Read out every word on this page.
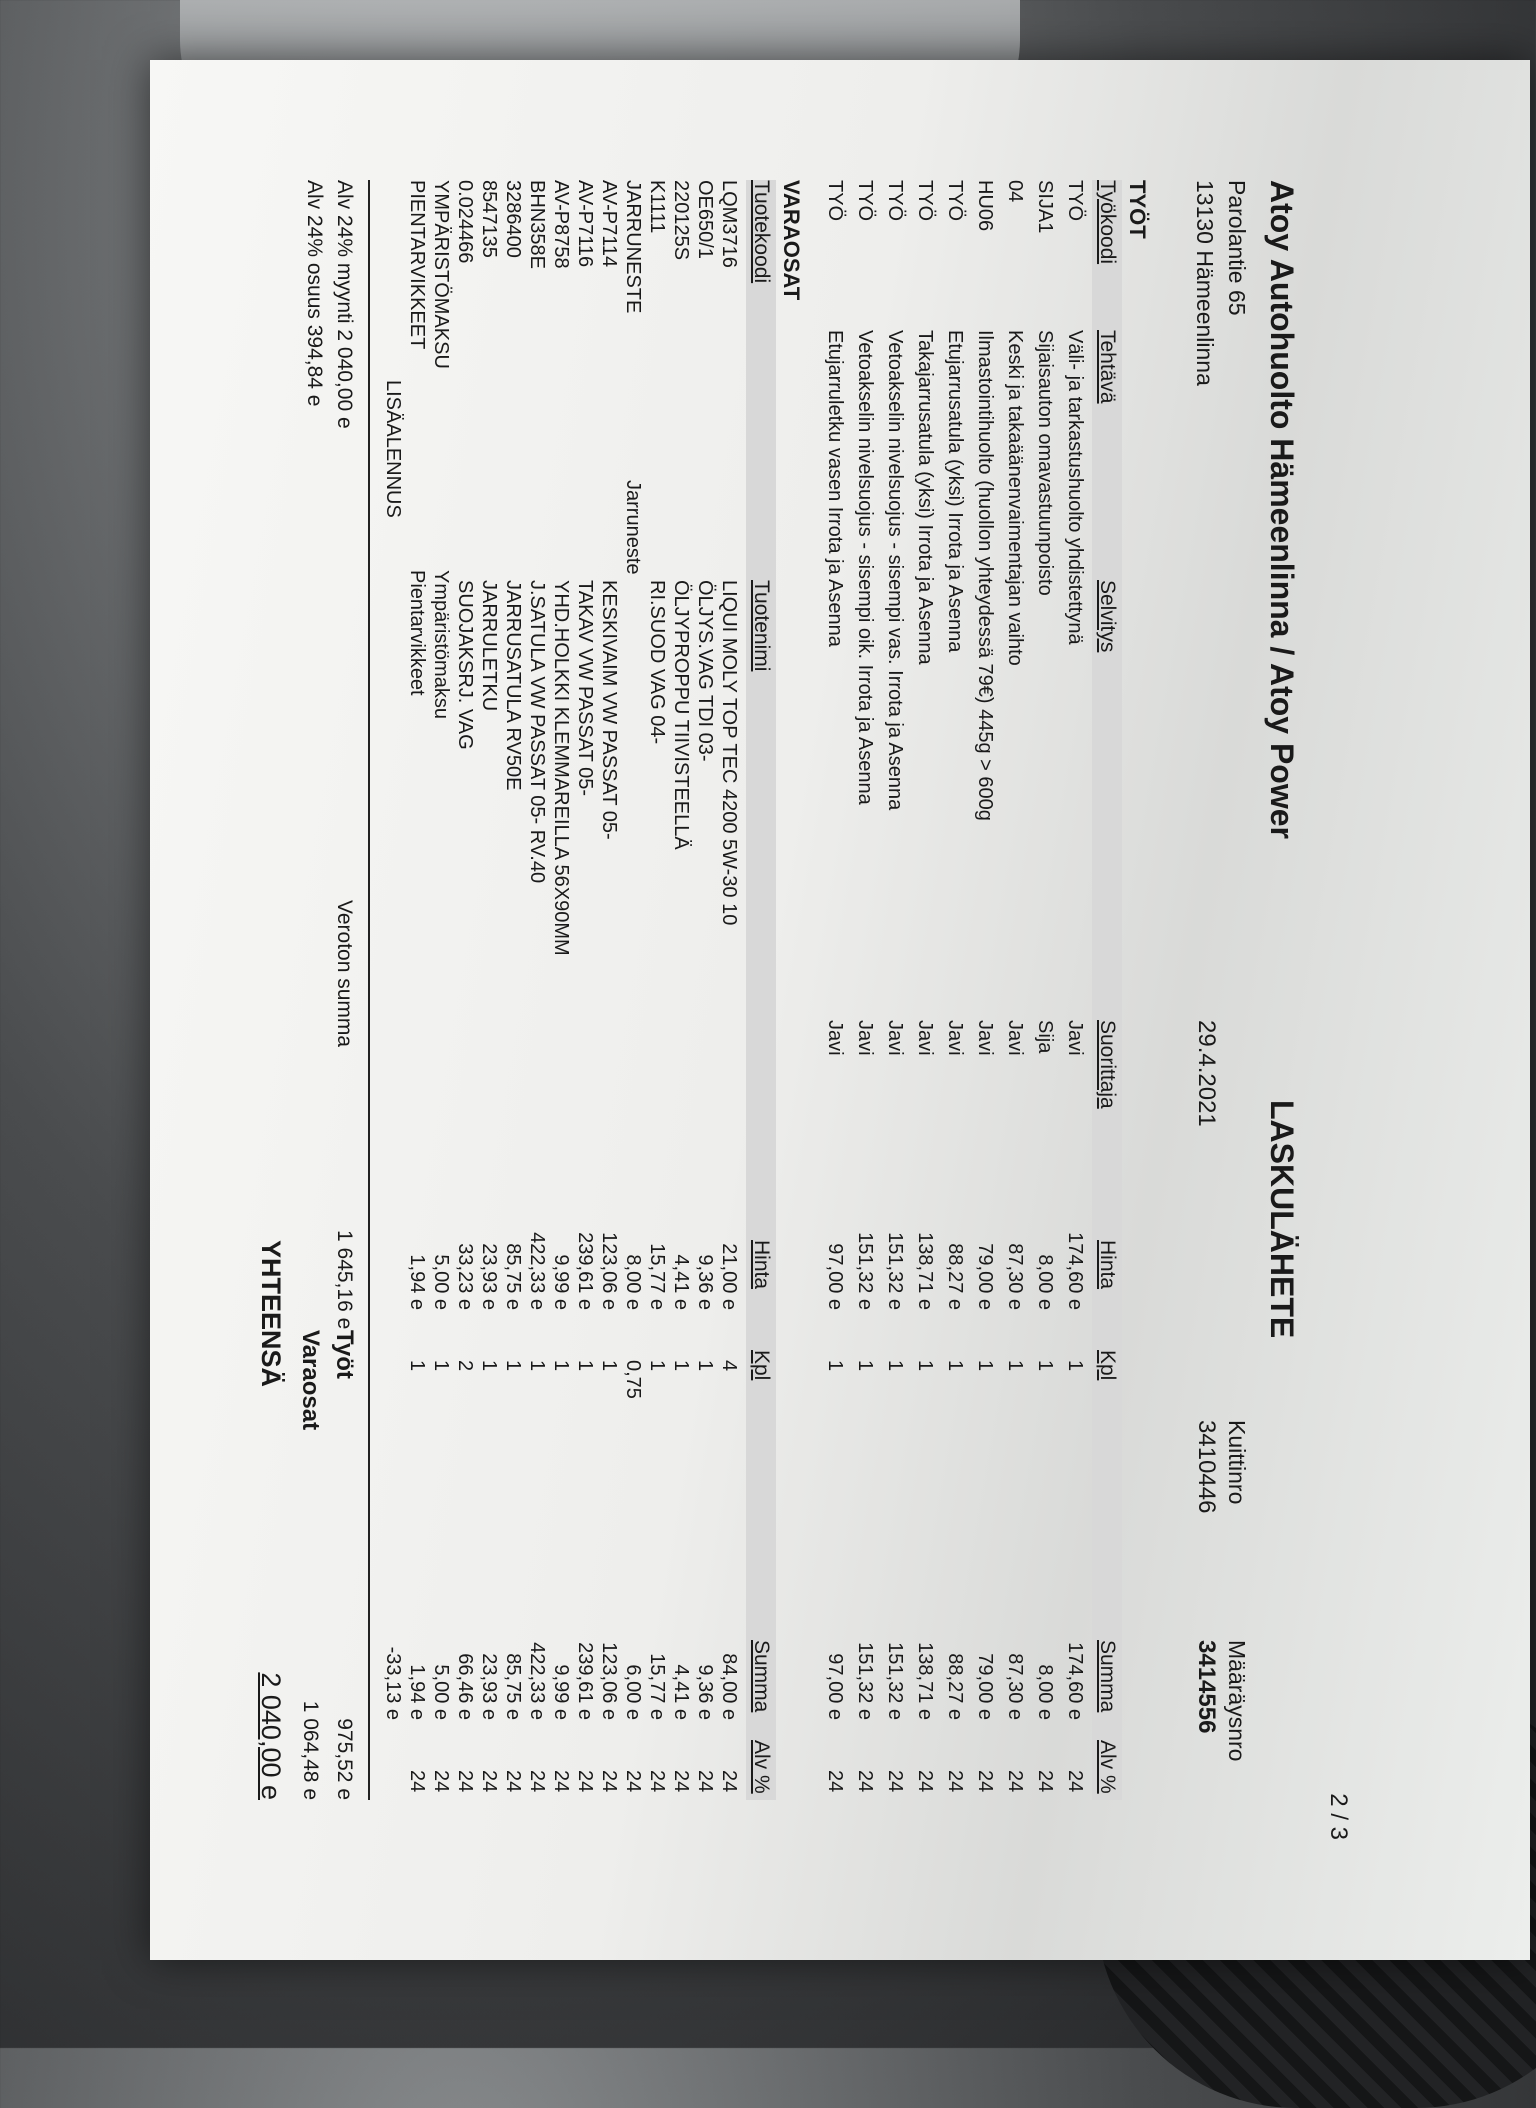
2 / 3
Atoy Autohuolto Hämeenlinna / Atoy Power
LASKULÄHETE
Parolantie 65
13130 Hämeenlinna
29.4.2021
Kuittinro
3410446
Määräysnro
3414556
TYÖT
Työkoodi
Tehtävä
Selvitys
Suorittaja
Hinta
Kpl
Summa
Alv %
TYÖ
Väli- ja tarkastushuolto yhdistettynä
Javi
174,60 e
1
174,60 e
24
SIJA1
Sijaisauton omavastuunpoisto
Sija
8,00 e
1
8,00 e
24
04
Keski ja takaäänenvaimentajan vaihto
Javi
87,30 e
1
87,30 e
24
HU06
Ilmastointihuolto (huollon yhteydessä 79€) 445g > 600g
Javi
79,00 e
1
79,00 e
24
TYÖ
Etujarrusatula (yksi) Irrota ja Asenna
Javi
88,27 e
1
88,27 e
24
TYÖ
Takajarrusatula (yksi) Irrota ja Asenna
Javi
138,71 e
1
138,71 e
24
TYÖ
Vetoakselin nivelsuojus - sisempi vas. Irrota ja Asenna
Javi
151,32 e
1
151,32 e
24
TYÖ
Vetoakselin nivelsuojus - sisempi oik. Irrota ja Asenna
Javi
151,32 e
1
151,32 e
24
TYÖ
Etujarruletku vasen Irrota ja Asenna
Javi
97,00 e
1
97,00 e
24
VARAOSAT
Tuotekoodi
Tuotenimi
Hinta
Kpl
Summa
Alv %
LQM3716
LIQUI MOLY TOP TEC 4200 5W-30 10
21,00 e
4
84,00 e
24
OE650/1
ÖLJYS.VAG TDI 03-
9,36 e
1
9,36 e
24
220125S
ÖLJYPROPPU TIIVISTEELLÄ
4,41 e
1
4,41 e
24
K1111
RI.SUOD VAG 04-
15,77 e
1
15,77 e
24
JARRUNESTE
Jarruneste
8,00 e
0,75
6,00 e
24
AV-P7114
KESKIVAIM VW PASSAT 05-
123,06 e
1
123,06 e
24
AV-P7116
TAKAV VW PASSAT 05-
239,61 e
1
239,61 e
24
AV-P8758
YHD.HOLKKI KLEMMAREILLA 56X90MM
9,99 e
1
9,99 e
24
BHN358E
J.SATULA VW PASSAT 05- RV.40
422,33 e
1
422,33 e
24
3286400
JARRUSATULA RV50E
85,75 e
1
85,75 e
24
8547135
JARRULETKU
23,93 e
1
23,93 e
24
0.024466
SUOJAKSRJ. VAG
33,23 e
2
66,46 e
24
YMPÄRISTÖMAKSU
Ympäristömaksu
5,00 e
1
5,00 e
24
PIENTARVIKKEET
Pientarvikkeet
1,94 e
1
1,94 e
24
LISÄALENNUS
-33,13 e
Alv 24% myynti 2 040,00 e
Alv 24% osuus 394,84 e
Veroton summa
1 645,16 e
Työt
975,52 e
Varaosat
1 064,48 e
YHTEENSÄ
2 040,00 e
